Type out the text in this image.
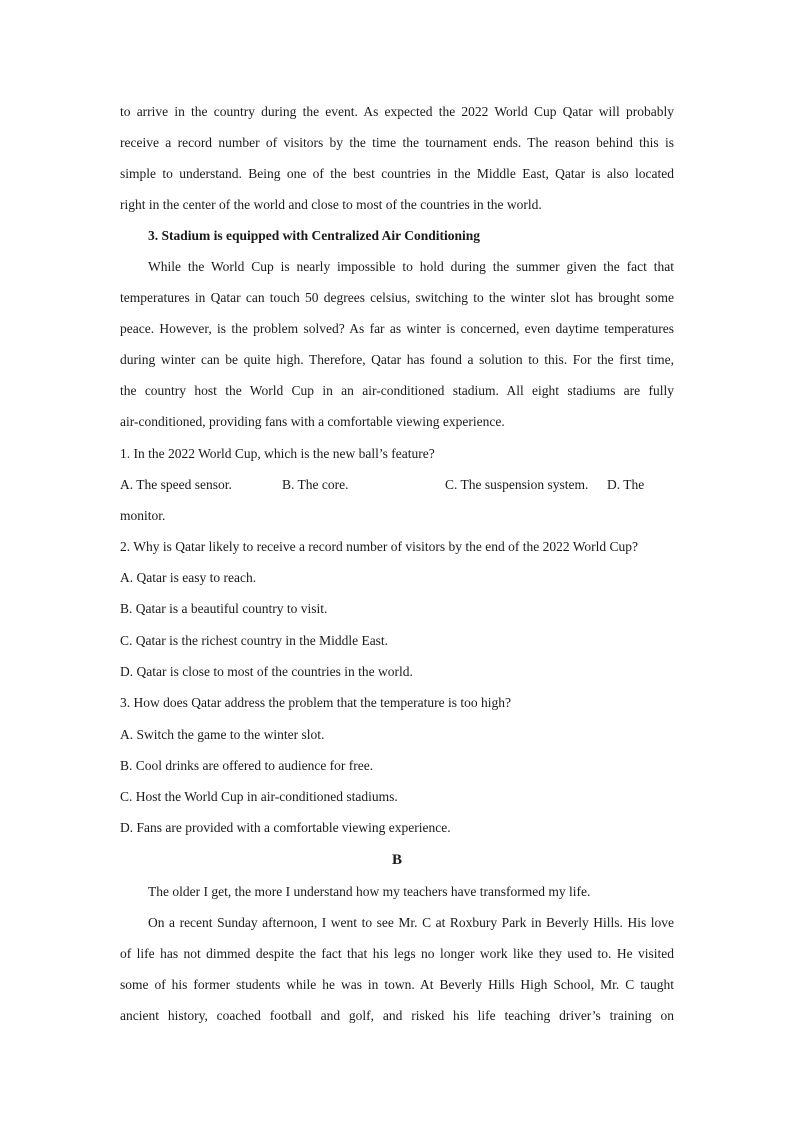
to arrive in the country during the event. As expected the 2022 World Cup Qatar will probably
receive a record number of visitors by the time the tournament ends. The reason behind this is
simple to understand. Being one of the best countries in the Middle East, Qatar is also located
right in the center of the world and close to most of the countries in the world.
3. Stadium is equipped with Centralized Air Conditioning
While the World Cup is nearly impossible to hold during the summer given the fact that
temperatures in Qatar can touch 50 degrees celsius, switching to the winter slot has brought some
peace. However, is the problem solved? As far as winter is concerned, even daytime temperatures
during winter can be quite high. Therefore, Qatar has found a solution to this. For the first time,
the country host the World Cup in an air-conditioned stadium. All eight stadiums are fully
air-conditioned, providing fans with a comfortable viewing experience.
1. In the 2022 World Cup, which is the new ball’s feature?
A. The speed sensor.	B. The core.	C. The suspension system. D. The
monitor.
2. Why is Qatar likely to receive a record number of visitors by the end of the 2022 World Cup?
A. Qatar is easy to reach.
B. Qatar is a beautiful country to visit.
C. Qatar is the richest country in the Middle East.
D. Qatar is close to most of the countries in the world.
3. How does Qatar address the problem that the temperature is too high?
A. Switch the game to the winter slot.
B. Cool drinks are offered to audience for free.
C. Host the World Cup in air-conditioned stadiums.
D. Fans are provided with a comfortable viewing experience.
B
The older I get, the more I understand how my teachers have transformed my life.
On a recent Sunday afternoon, I went to see Mr. C at Roxbury Park in Beverly Hills. His love
of life has not dimmed despite the fact that his legs no longer work like they used to. He visited
some of his former students while he was in town. At Beverly Hills High School, Mr. C taught
ancient history, coached football and golf, and risked his life teaching driver’s training on
